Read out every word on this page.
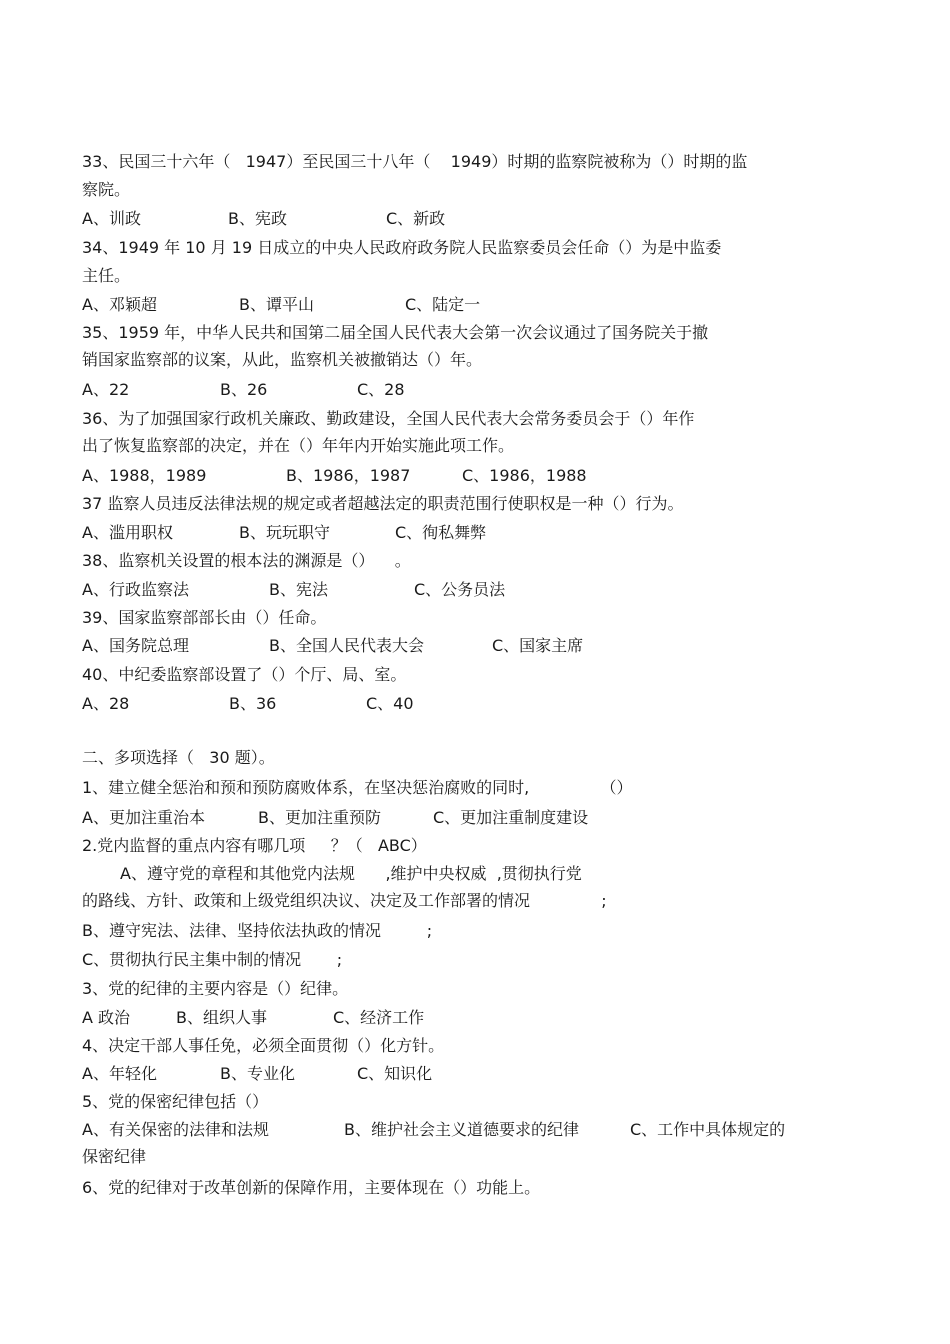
33、民国三十六年（   1947）至民国三十八年（    1949）时期的监察院被称为（）时期的监
察院。

A、训政

	B、宪政

	C、新政

34、1949 年 10 月 19 日成立的中央人民政府政务院人民监察委员会任命（）为是中监委
主任。

A、邓颖超

	B、谭平山

	C、陆定一

35、1959 年，中华人民共和国第二届全国人民代表大会第一次会议通过了国务院关于撤
销国家监察部的议案，从此，监察机关被撤销达（）年。

A、22

	B、26

	C、28

36、为了加强国家行政机关廉政、勤政建设，全国人民代表大会常务委员会于（）年作
出了恢复监察部的决定，并在（）年年内开始实施此项工作。

A、1988，1989

	B、1986，1987

	C、1986，1988

37 监察人员违反法律法规的规定或者超越法定的职责范围行使职权是一种（）行为。

A、滥用职权

	B、玩玩职守

	C、徇私舞弊

38、监察机关设置的根本法的渊源是（）    。

A、行政监察法

	B、宪法

	C、公务员法

39、国家监察部部长由（）任命。

A、国务院总理

	B、全国人民代表大会

	C、国家主席

40、中纪委监察部设置了（）个厅、局、室。

A、28

	B、36

	C、40

二、多项选择（   30 题）。
1、建立健全惩治和预和预防腐败体系，在坚决惩治腐败的同时,              （）

A、更加注重治本

	B、更加注重预防

	C、更加注重制度建设

2.党内监督的重点内容有哪几项     ？（   ABC）
A、遵守党的章程和其他党内法规      ,维护中央权威  ,贯彻执行党
的路线、方针、政策和上级党组织决议、决定及工作部署的情况              ;
B、遵守宪法、法律、坚持依法执政的情况         ;
C、贯彻执行民主集中制的情况       ;
3、党的纪律的主要内容是（）纪律。

A 政治

	B、组织人事

	C、经济工作

4、决定干部人事任免，必须全面贯彻（）化方针。

A、年轻化

	B、专业化

	C、知识化

5、党的保密纪律包括（）

A、有关保密的法律和法规

	B、维护社会主义道德要求的纪律

	C、工作中具体规定的

保密纪律
6、党的纪律对于改革创新的保障作用，主要体现在（）功能上。
